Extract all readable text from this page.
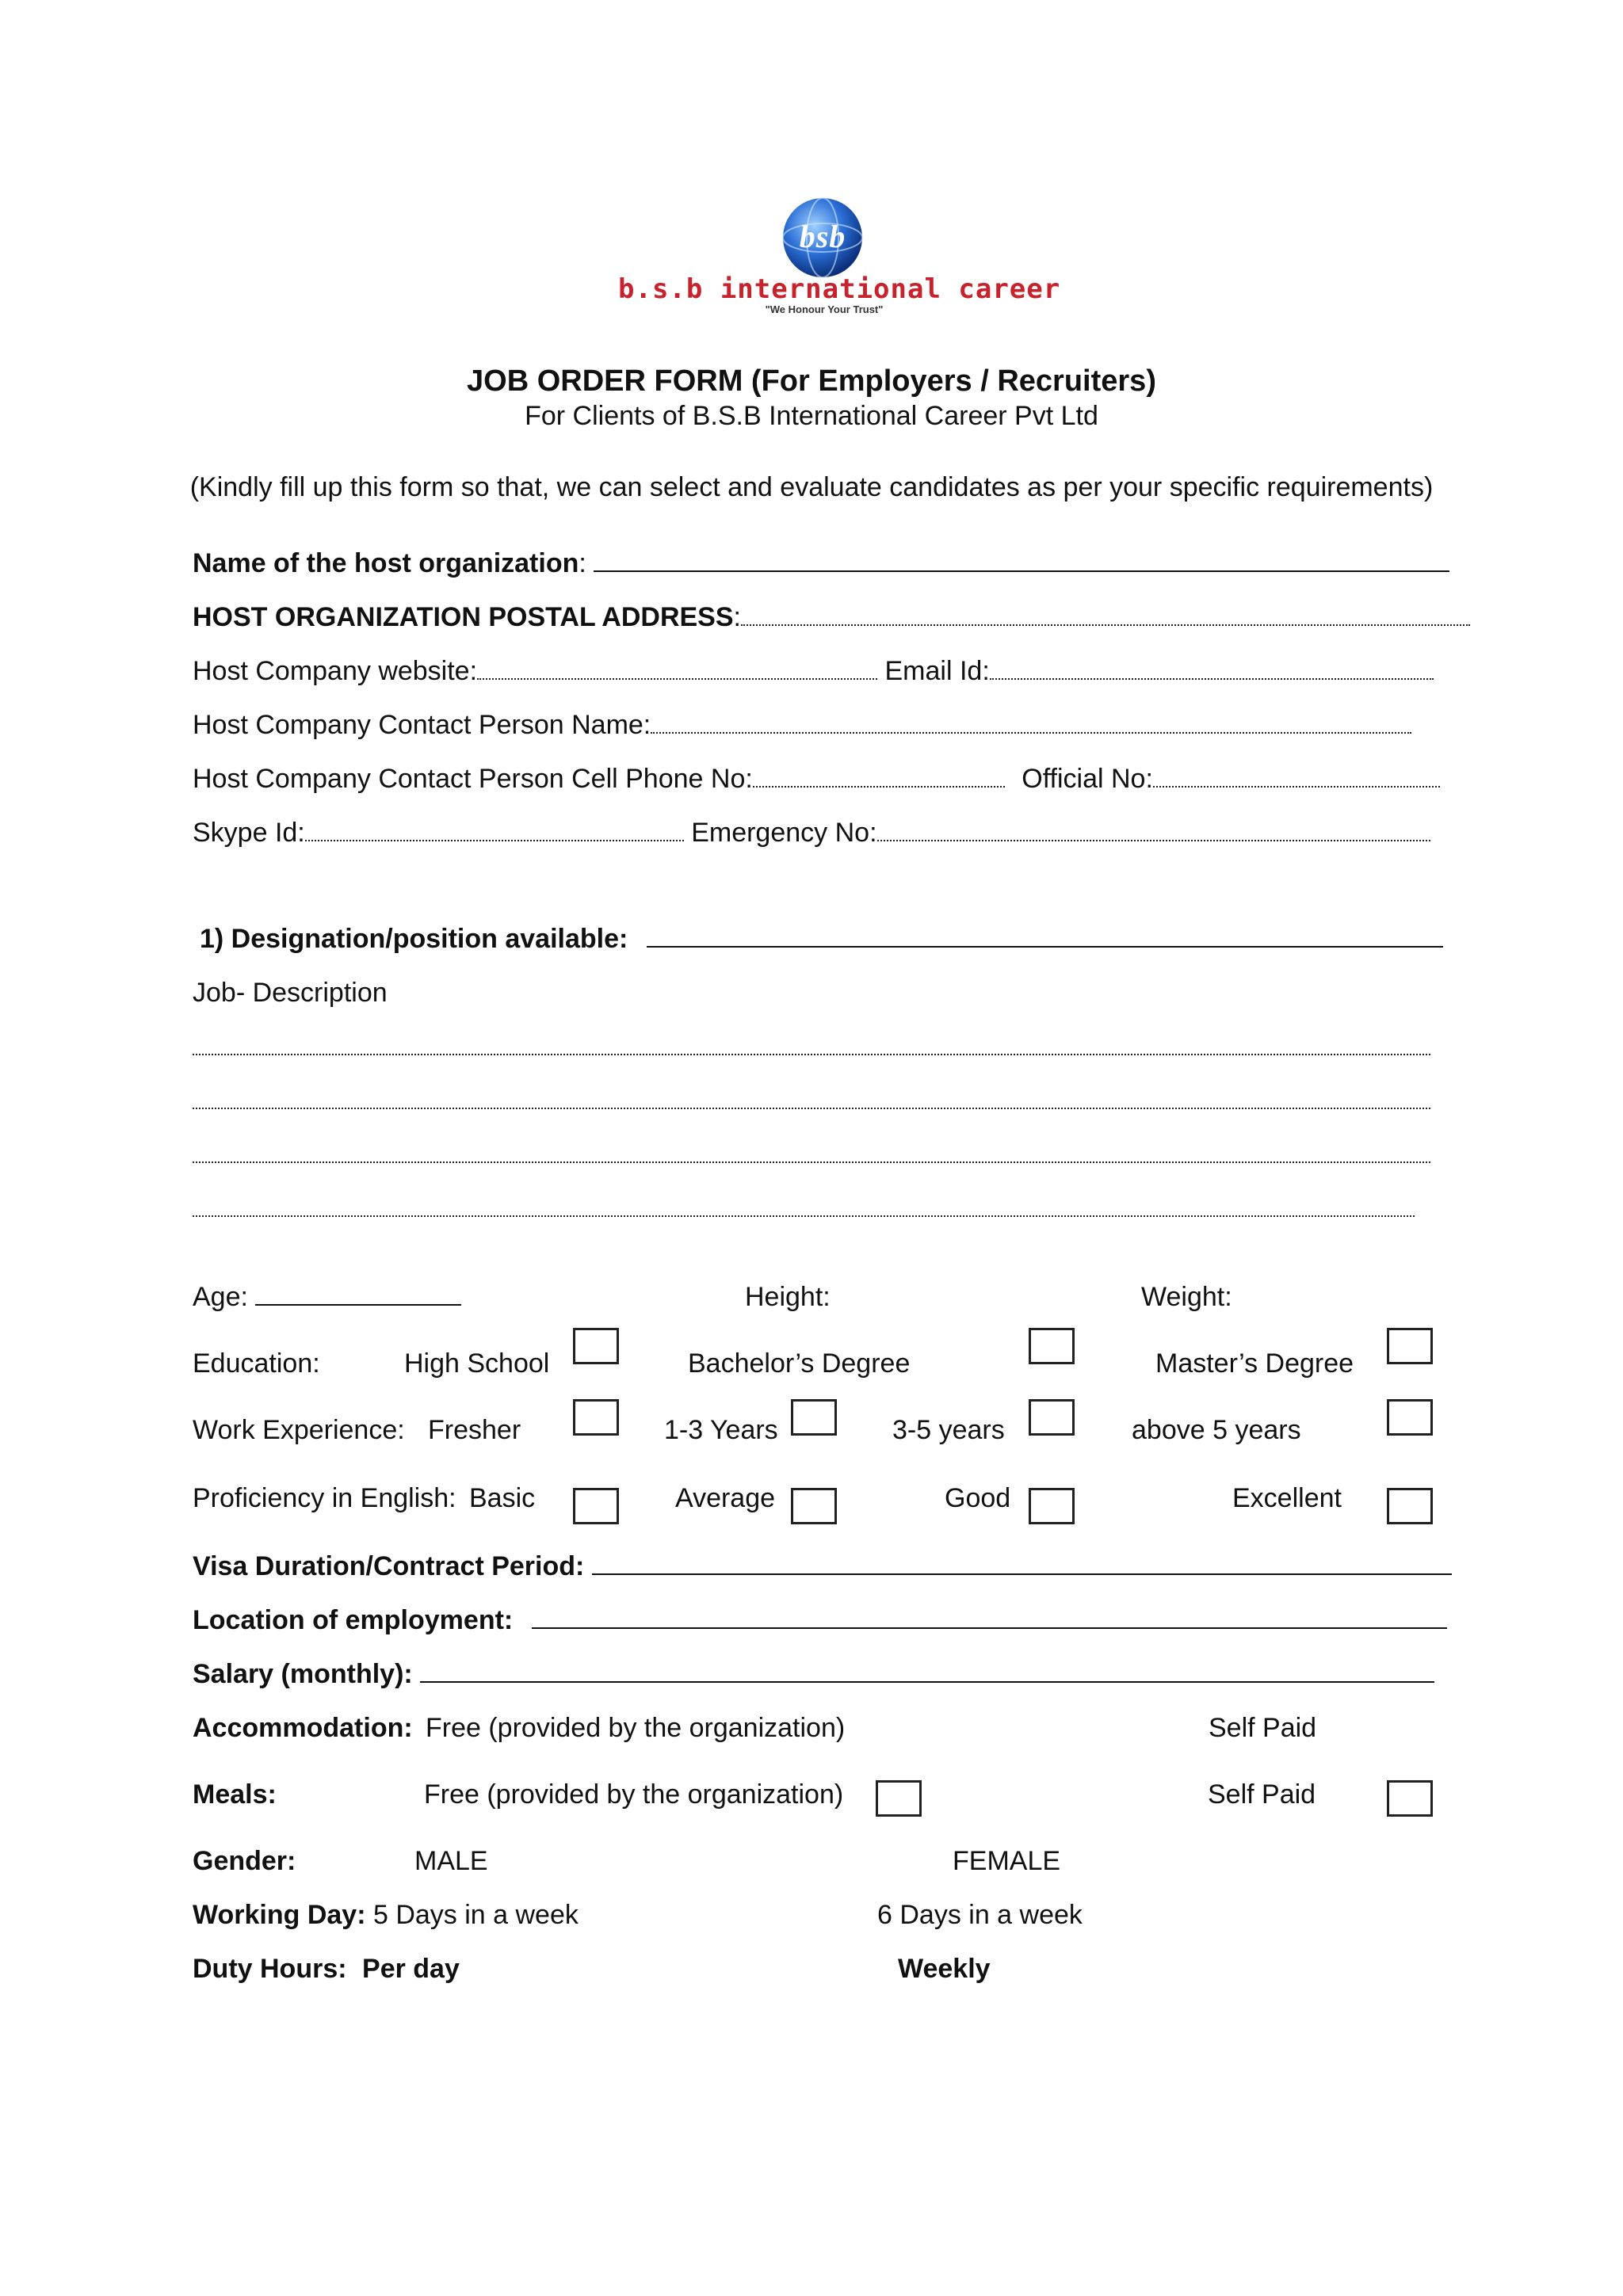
bsb
b.s.b international career
"We Honour Your Trust"
JOB ORDER FORM (For Employers / Recruiters)
For Clients of B.S.B International Career Pvt Ltd
(Kindly fill up this form so that, we can select and evaluate candidates as per your specific requirements)
Name of the host organization:
HOST ORGANIZATION POSTAL ADDRESS:
Host Company website:	Email Id:
Host Company Contact Person Name:
Host Company Contact Person Cell Phone No:	Official No:
Skype Id:	Emergency No:
1) Designation/position available:
Job- Description
Age:	Height:	Weight:
Education:	High School	Bachelor’s Degree	Master’s Degree
Work Experience: Fresher	1-3 Years	3-5 years	above 5 years
Proficiency in English: Basic	Average	Good	Excellent
Visa Duration/Contract Period:
Location of employment:
Salary (monthly):
Accommodation: Free (provided by the organization)	Self Paid
Meals:	Free (provided by the organization)	Self Paid
Gender:	MALE	FEMALE
Working Day: 5 Days in a week	6 Days in a week
Duty Hours: Per day	Weekly
